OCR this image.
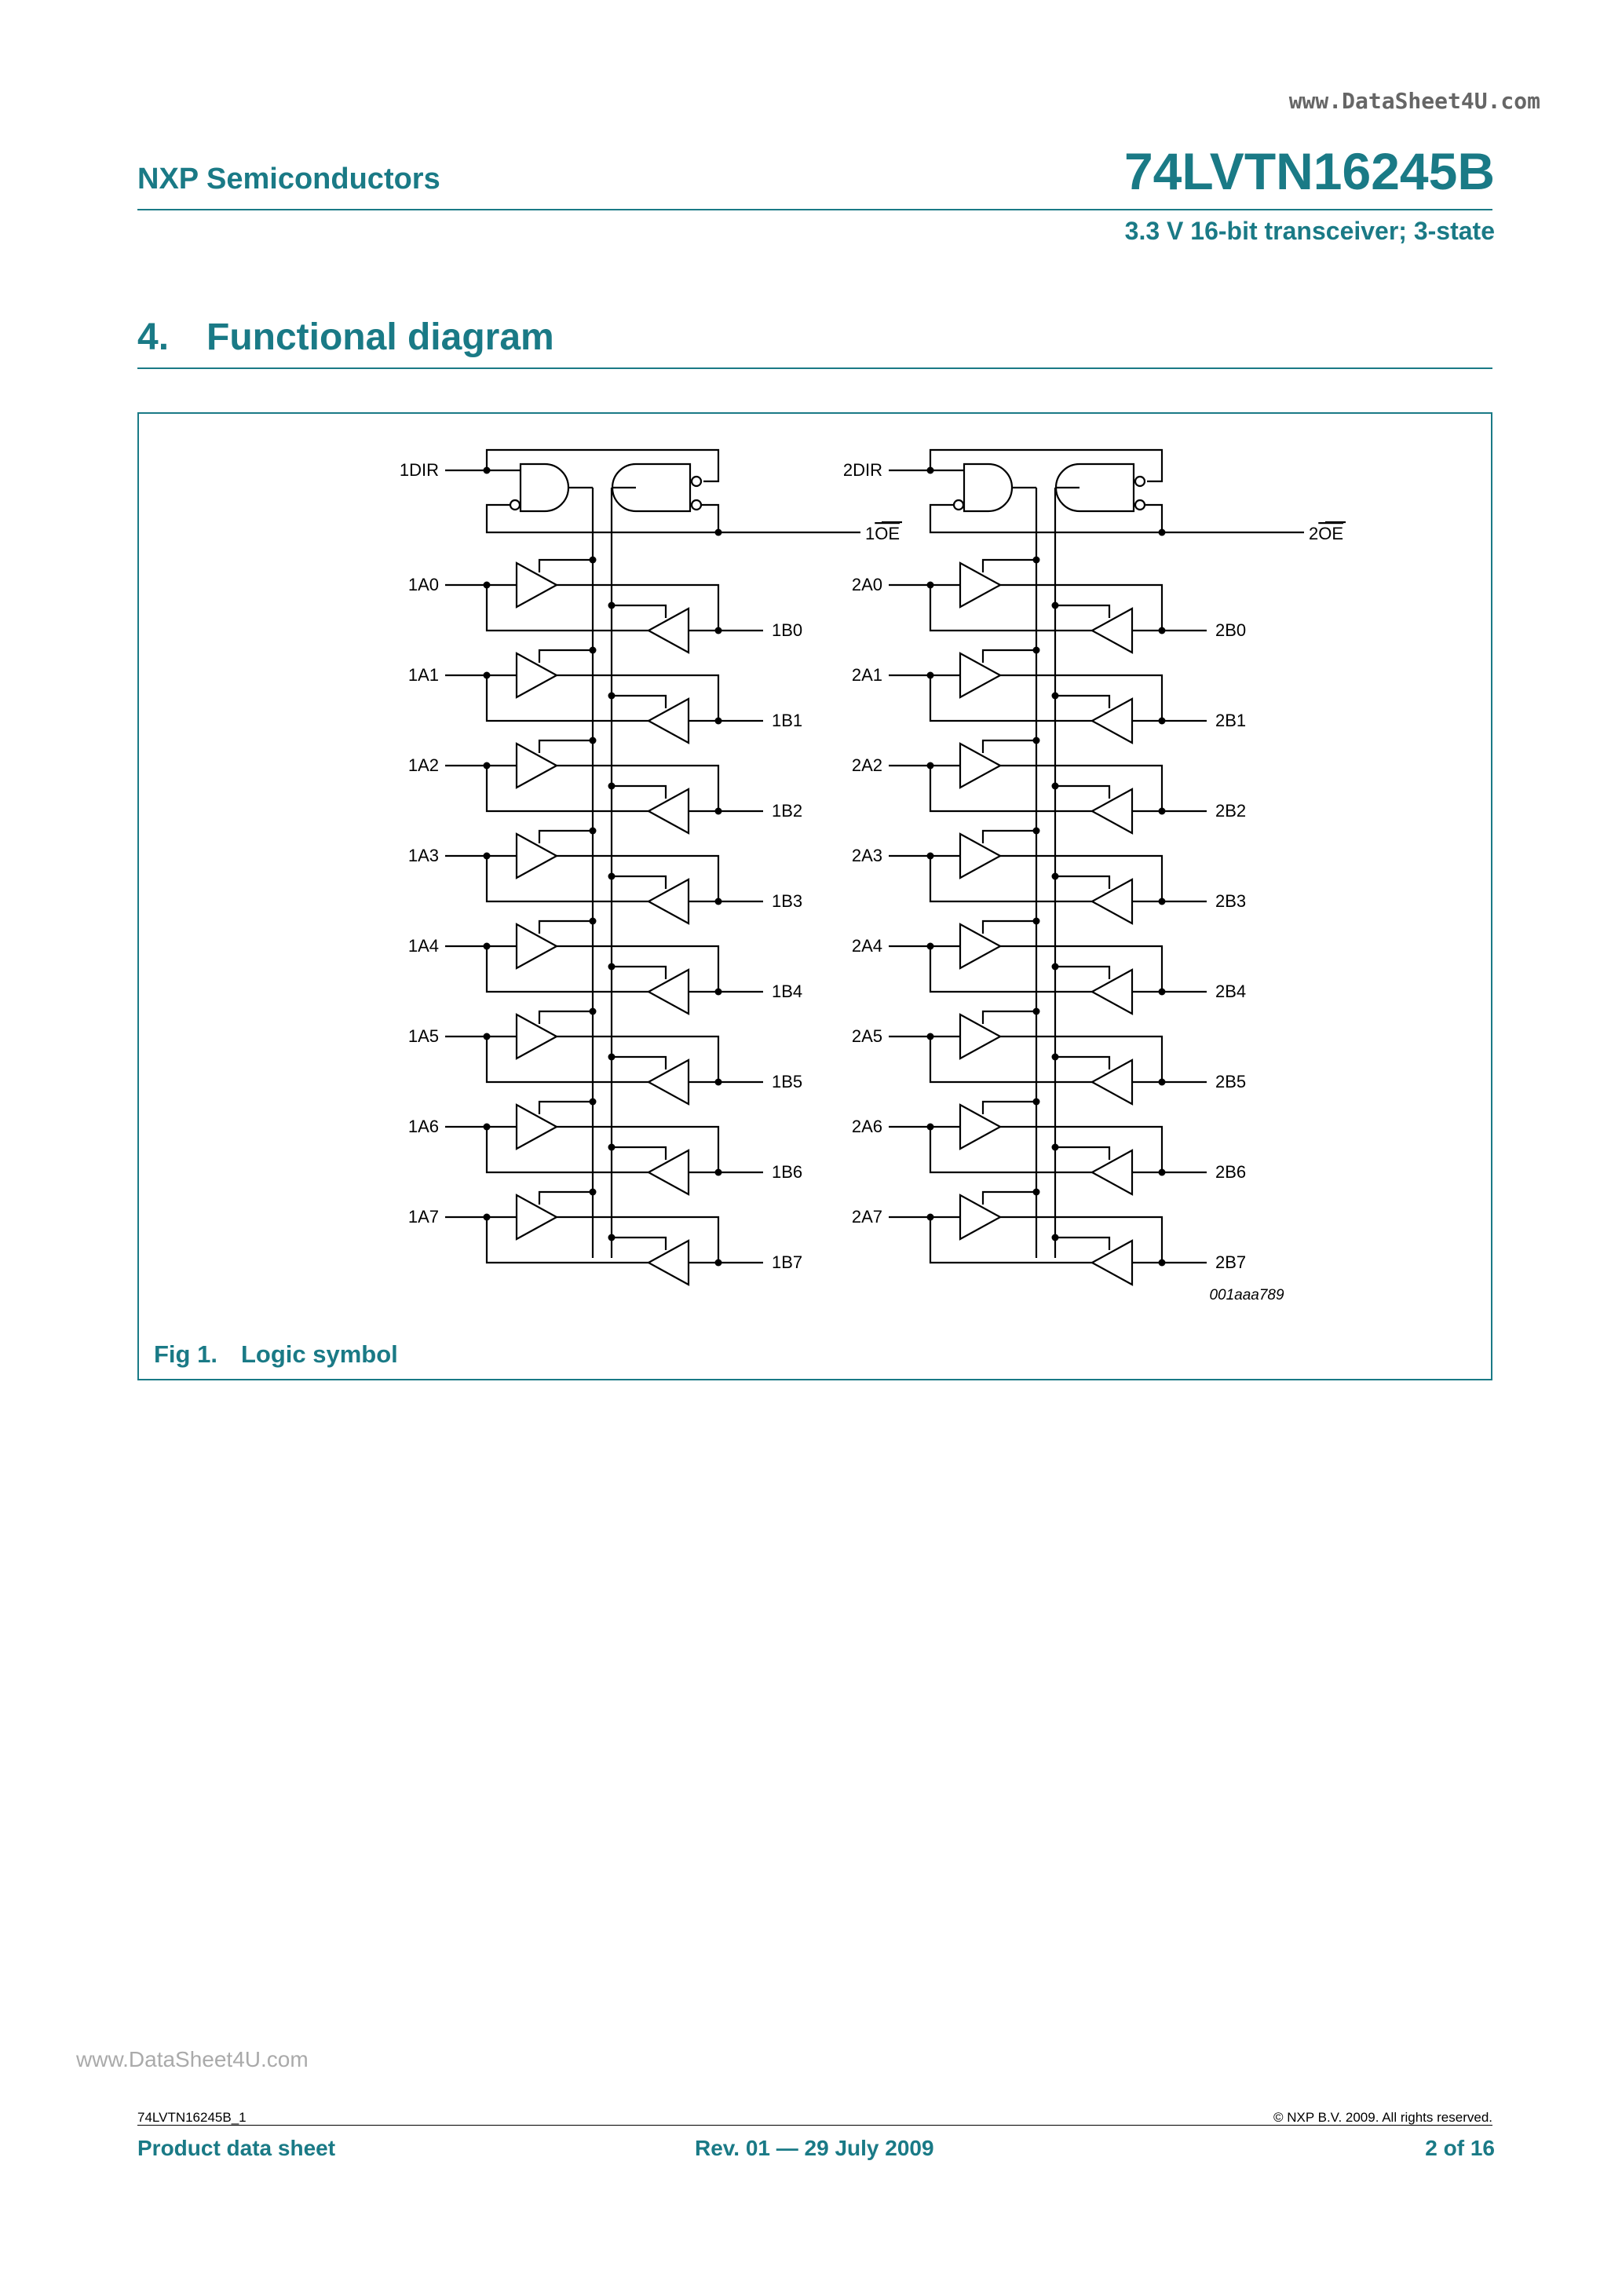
www.DataSheet4U.com
NXP Semiconductors	74LVTN16245B
3.3 V 16-bit transceiver; 3-state
4. Functional diagram
1DIR
1OE
1A0
1B0
1A1
1B1
1A2
1B2
1A3
1B3
1A4
1B4
1A5
1B5
1A6
1B6
1A7
1B7
2DIR
2OE
2A0
2B0
2A1
2B1
2A2
2B2
2A3
2B3
2A4
2B4
2A5
2B5
2A6
2B6
2A7
2B7
001aaa789
Fig 1. Logic symbol
www.DataSheet4U.com
74LVTN16245B_1	© NXP B.V. 2009. All rights reserved.
Product data sheet	Rev. 01 — 29 July 2009	2 of 16
